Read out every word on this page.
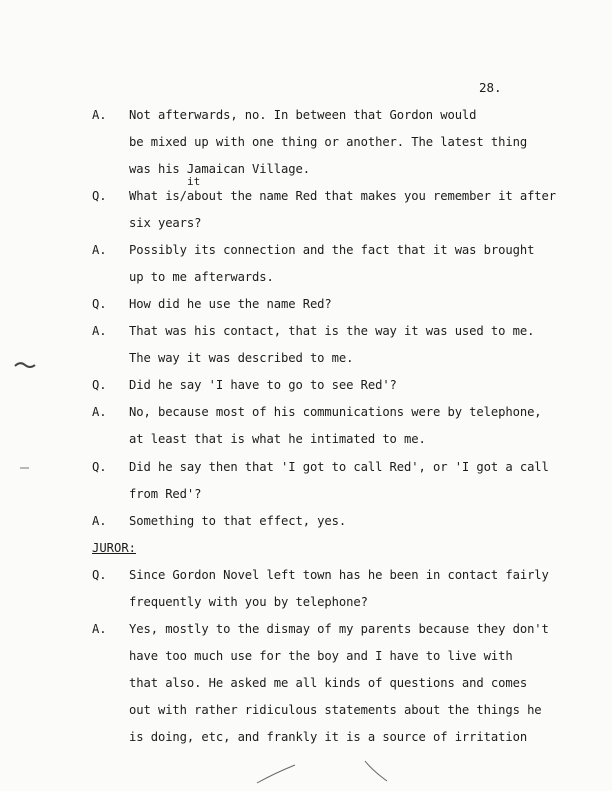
28.
it
A. Not afterwards, no. In between that Gordon would
be mixed up with one thing or another. The latest thing
was his Jamaican Village.
Q. What is/about the name Red that makes you remember it after
six years?
A. Possibly its connection and the fact that it was brought
up to me afterwards.
Q. How did he use the name Red?
A. That was his contact, that is the way it was used to me.
The way it was described to me.
Q. Did he say 'I have to go to see Red'?
A. No, because most of his communications were by telephone,
at least that is what he intimated to me.
Q. Did he say then that 'I got to call Red', or 'I got a call
from Red'?
A. Something to that effect, yes.
Q. Since Gordon Novel left town has he been in contact fairly
frequently with you by telephone?
A. Yes, mostly to the dismay of my parents because they don't
have too much use for the boy and I have to live with
that also. He asked me all kinds of questions and comes
out with rather ridiculous statements about the things he
is doing, etc, and frankly it is a source of irritation
JUROR:
